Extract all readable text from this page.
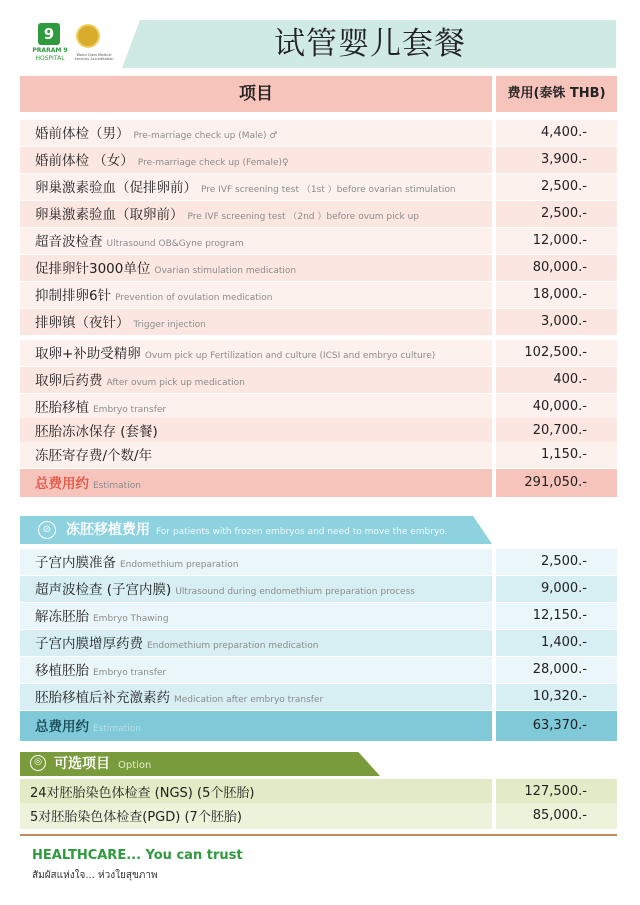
9
PRARAM 9
HOSPITAL	World Class Medical Services Accreditation	试管婴儿套餐
项目	费用(泰铢 THB)
婚前体检（男） Pre-marriage check up (Male) ♂	4,400.-
婚前体检 （女） Pre-marriage check up (Female)♀	3,900.-
卵巢激素验血（促排卵前） Pre IVF screening test （1st ）before ovarian stimulation	2,500.-
卵巢激素验血（取卵前） Pre IVF screening test （2nd ）before ovum pick up	2,500.-
超音波检查 Ultrasound OB&Gyne program	12,000.-
促排卵针3000单位 Ovarian stimulation medication	80,000.-
抑制排卵6针 Prevention of ovulation medication	18,000.-
排卵镇（夜针） Trigger injection	3,000.-
取卵+补助受精卵 Ovum pick up Fertilization and culture (ICSI and embryo culture)	102,500.-
取卵后药费 After ovum pick up medication	400.-
胚胎移植 Embryo transfer	40,000.-
胚胎冻冰保存 (套餐)	20,700.-
冻胚寄存费/个数/年	1,150.-
总费用约 Estimation	291,050.-
⊘	冻胚移植费用 For patients with frozen embryos and need to move the embryo.
子宫内膜准备 Endomethium preparation	2,500.-
超声波检查 (子宫内膜) Ultrasound during endomethium preparation process	9,000.-
解冻胚胎 Embryo Thawing	12,150.-
子宫内膜增厚药费 Endomethium preparation medication	1,400.-
移植胚胎 Embryo transfer	28,000.-
胚胎移植后补充激素药 Medication after embryo transfer	10,320.-
总费用约 Estimation	63,370.-
◎ 可选项目 Option
24对胚胎染色体检查 (NGS) (5个胚胎)	127,500.-
5对胚胎染色体检查(PGD) (7个胚胎)	85,000.-
HEALTHCARE... You can trust
สัมผัสแห่งใจ... ห่วงใยสุขภาพ
